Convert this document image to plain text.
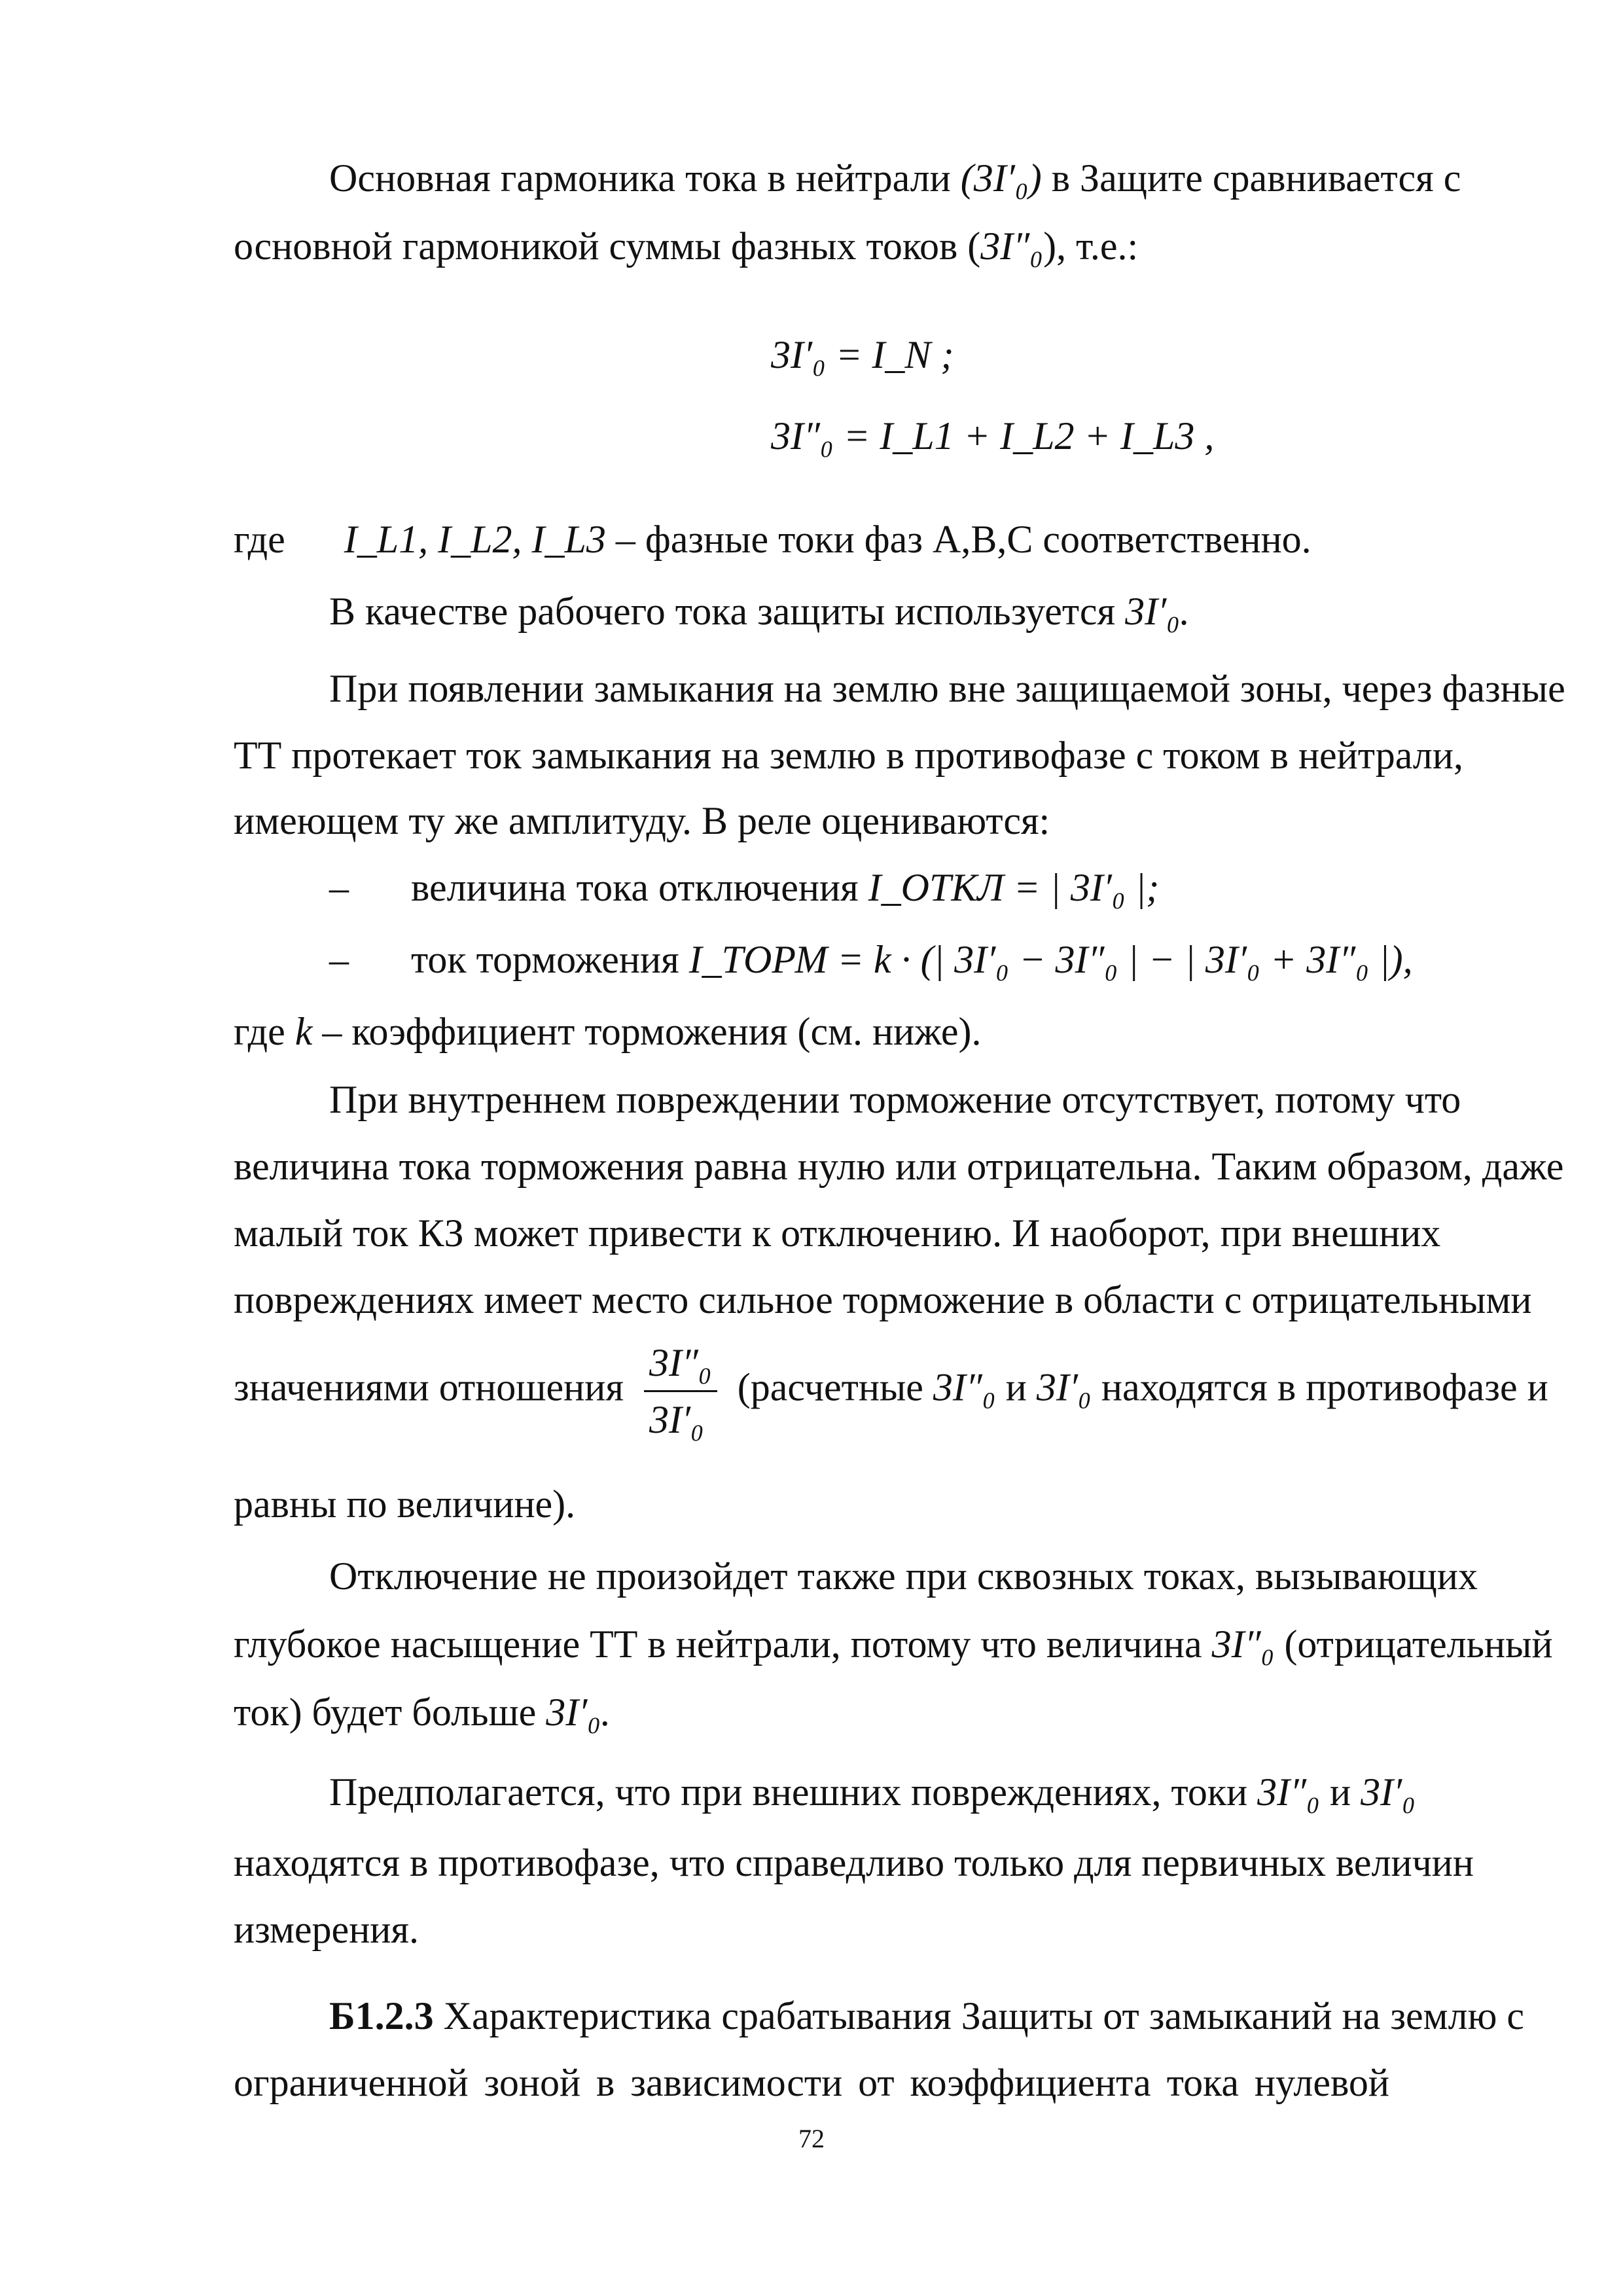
Основная гармоника тока в нейтрали (3I′₀) в Защите сравнивается с
основной гармоникой суммы фазных токов (3I″₀), т.е.:
3I′₀ = I_N ;
3I″₀ = I_L1 + I_L2 + I_L3 ,
где I_L1, I_L2, I_L3 – фазные токи фаз A,B,C соответственно.
В качестве рабочего тока защиты используется 3I′₀.
При появлении замыкания на землю вне защищаемой зоны, через фазные
ТТ протекает ток замыкания на землю в противофазе с током в нейтрали,
имеющем ту же амплитуду. В реле оцениваются:
– величина тока отключения I_ОТКЛ = | 3I′₀ |;
– ток торможения I_ТОРМ = k · (| 3I′₀ − 3I″₀ | − | 3I′₀ + 3I″₀ |),
где k – коэффициент торможения (см. ниже).
При внутреннем повреждении торможение отсутствует, потому что
величина тока торможения равна нулю или отрицательна. Таким образом, даже
малый ток КЗ может привести к отключению. И наоборот, при внешних
повреждениях имеет место сильное торможение в области с отрицательными
значениями отношения $\frac{\text{3I″₀}}{\text{3I′₀}}$ (расчетные 3I″₀ и 3I′₀ находятся в противофазе и
равны по величине).
Отключение не произойдет также при сквозных токах, вызывающих
глубокое насыщение ТТ в нейтрали, потому что величина 3I″₀ (отрицательный
ток) будет больше 3I′₀.
Предполагается, что при внешних повреждениях, токи 3I″₀ и 3I′₀
находятся в противофазе, что справедливо только для первичных величин
измерения.
Б1.2.3 Характеристика срабатывания Защиты от замыканий на землю с
ограниченной зоной в зависимости от коэффициента тока нулевой
72
